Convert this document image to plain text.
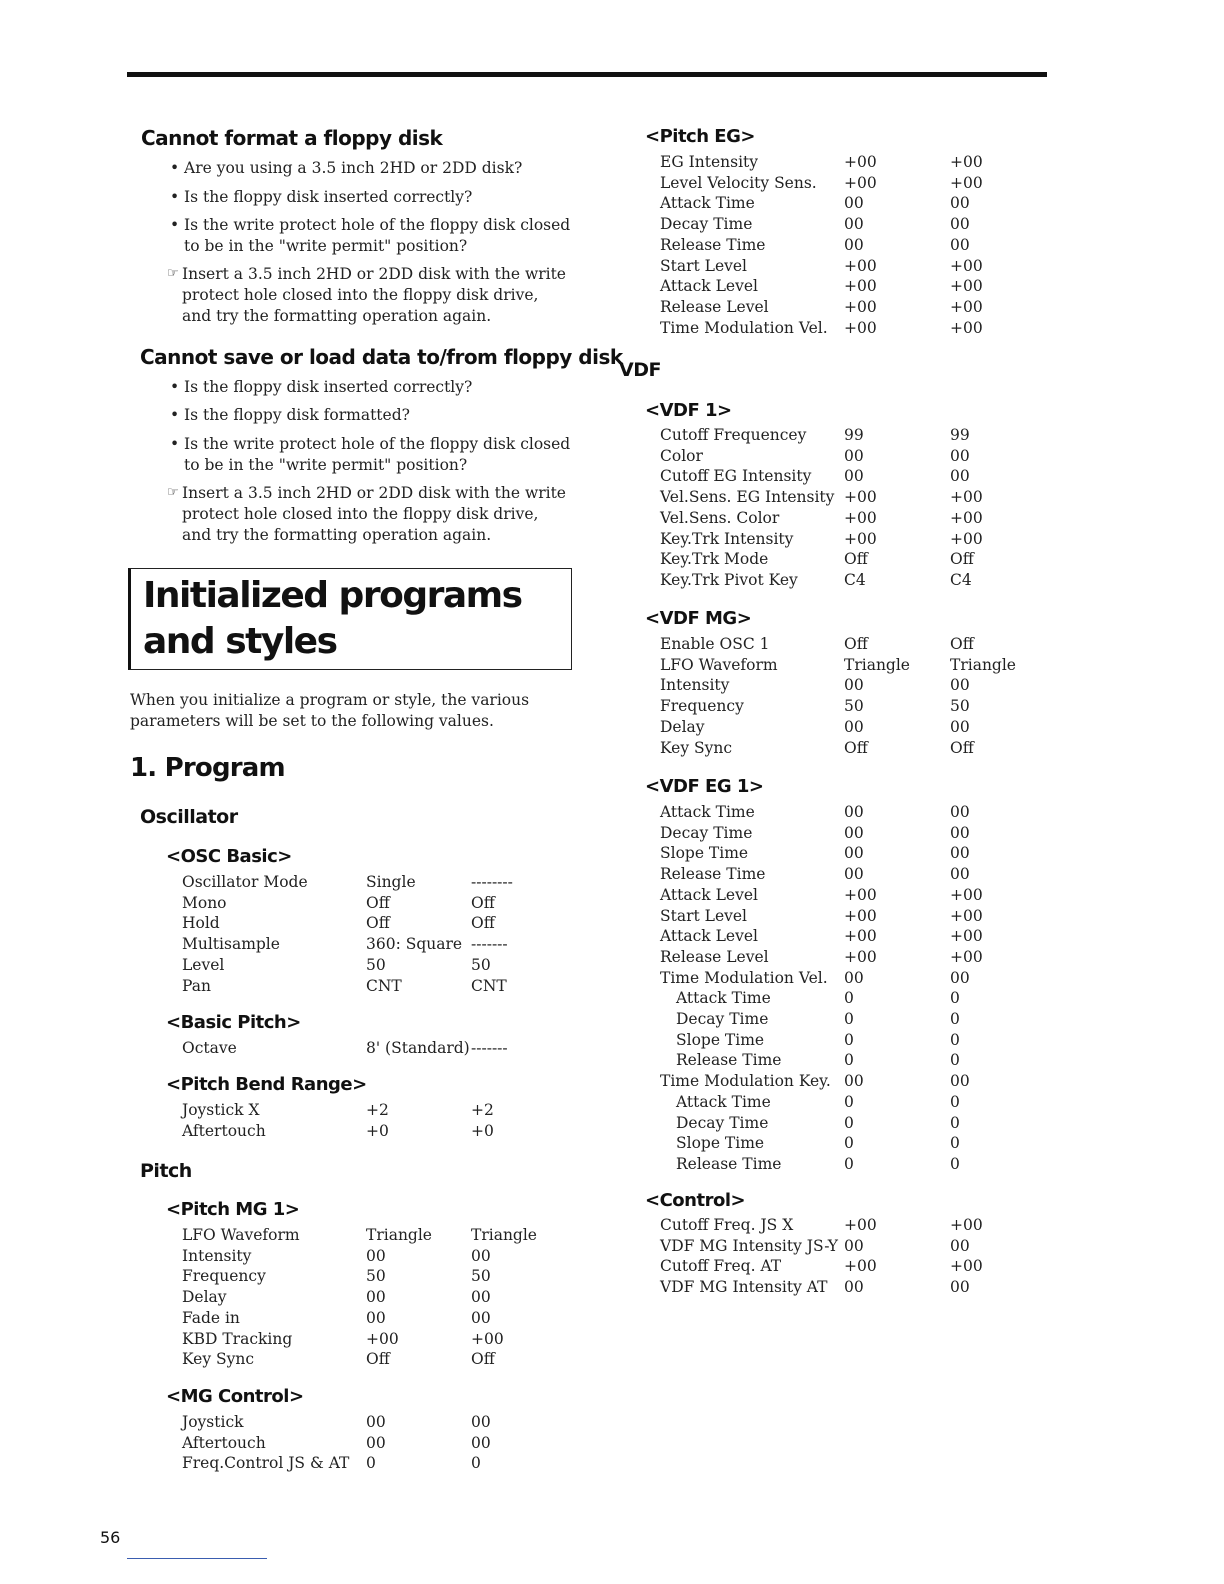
Cannot format a floppy disk
• Are you using a 3.5 inch 2HD or 2DD disk?
• Is the floppy disk inserted correctly?
• Is the write protect hole of the floppy disk closed to be in the "write permit" position?
☞ Insert a 3.5 inch 2HD or 2DD disk with the write protect hole closed into the floppy disk drive, and try the formatting operation again.
Cannot save or load data to/from floppy disk
• Is the floppy disk inserted correctly?
• Is the floppy disk formatted?
• Is the write protect hole of the floppy disk closed to be in the "write permit" position?
☞ Insert a 3.5 inch 2HD or 2DD disk with the write protect hole closed into the floppy disk drive, and try the formatting operation again.
Initialized programs and styles
When you initialize a program or style, the various parameters will be set to the following values.
1. Program
Oscillator
<OSC Basic>
Oscillator Mode	Single	--------
Mono	Off	Off
Hold	Off	Off
Multisample	360: Square	-------
Level	50	50
Pan	CNT	CNT
<Basic Pitch>
Octave	8' (Standard)	-------
<Pitch Bend Range>
Joystick X	+2	+2
Aftertouch	+0	+0
Pitch
<Pitch MG 1>
LFO Waveform	Triangle	Triangle
Intensity	00	00
Frequency	50	50
Delay	00	00
Fade in	00	00
KBD Tracking	+00	+00
Key Sync	Off	Off
<MG Control>
Joystick	00	00
Aftertouch	00	00
Freq.Control JS & AT	0	0
<Pitch EG>
EG Intensity	+00	+00
Level Velocity Sens.	+00	+00
Attack Time	00	00
Decay Time	00	00
Release Time	00	00
Start Level	+00	+00
Attack Level	+00	+00
Release Level	+00	+00
Time Modulation Vel.	+00	+00
VDF
<VDF 1>
Cutoff Frequencey	99	99
Color	00	00
Cutoff EG Intensity	00	00
Vel.Sens. EG Intensity	+00	+00
Vel.Sens. Color	+00	+00
Key.Trk Intensity	+00	+00
Key.Trk Mode	Off	Off
Key.Trk Pivot Key	C4	C4
<VDF MG>
Enable OSC 1	Off	Off
LFO Waveform	Triangle	Triangle
Intensity	00	00
Frequency	50	50
Delay	00	00
Key Sync	Off	Off
<VDF EG 1>
Attack Time	00	00
Decay Time	00	00
Slope Time	00	00
Release Time	00	00
Attack Level	+00	+00
Start Level	+00	+00
Attack Level	+00	+00
Release Level	+00	+00
Time Modulation Vel.	00	00
Attack Time	0	0
Decay Time	0	0
Slope Time	0	0
Release Time	0	0
Time Modulation Key.	00	00
Attack Time	0	0
Decay Time	0	0
Slope Time	0	0
Release Time	0	0
<Control>
Cutoff Freq. JS X	+00	+00
VDF MG Intensity JS-Y	00	00
Cutoff Freq. AT	+00	+00
VDF MG Intensity AT	00	00
56
